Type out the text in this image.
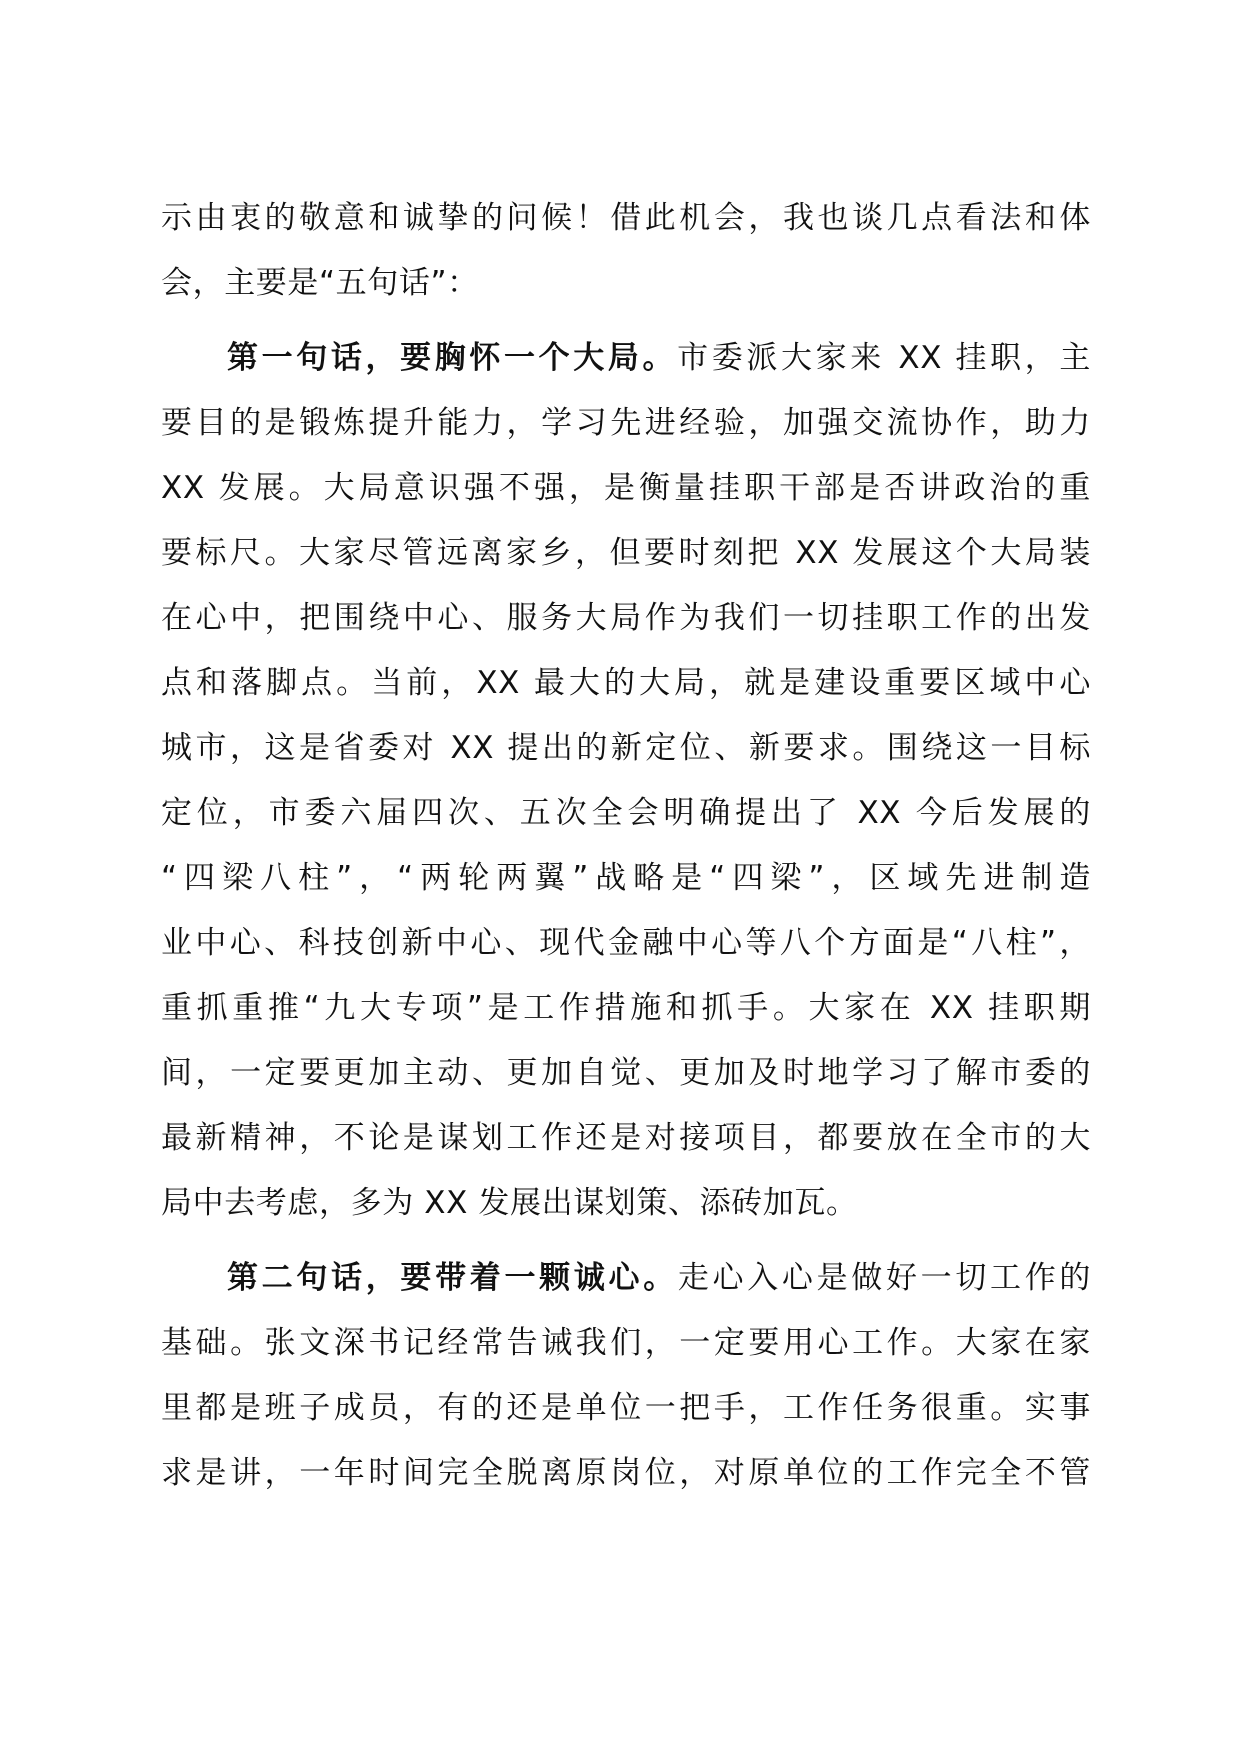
示由衷的敬意和诚挚的问候！借此机会，我也谈几点看法和体
会，主要是“五句话”：
第一句话，要胸怀一个大局。市委派大家来 XX 挂职，主
要目的是锻炼提升能力，学习先进经验，加强交流协作，助力
XX 发展。大局意识强不强，是衡量挂职干部是否讲政治的重
要标尺。大家尽管远离家乡，但要时刻把 XX 发展这个大局装
在心中，把围绕中心、服务大局作为我们一切挂职工作的出发
点和落脚点。当前，XX 最大的大局，就是建设重要区域中心
城市，这是省委对 XX 提出的新定位、新要求。围绕这一目标
定位，市委六届四次、五次全会明确提出了 XX 今后发展的
“四梁八柱”，“两轮两翼”战略是“四梁”，区域先进制造
业中心、科技创新中心、现代金融中心等八个方面是“八柱”，
重抓重推“九大专项”是工作措施和抓手。大家在 XX 挂职期
间，一定要更加主动、更加自觉、更加及时地学习了解市委的
最新精神，不论是谋划工作还是对接项目，都要放在全市的大
局中去考虑，多为 XX 发展出谋划策、添砖加瓦。
第二句话，要带着一颗诚心。走心入心是做好一切工作的
基础。张文深书记经常告诫我们，一定要用心工作。大家在家
里都是班子成员，有的还是单位一把手，工作任务很重。实事
求是讲，一年时间完全脱离原岗位，对原单位的工作完全不管
